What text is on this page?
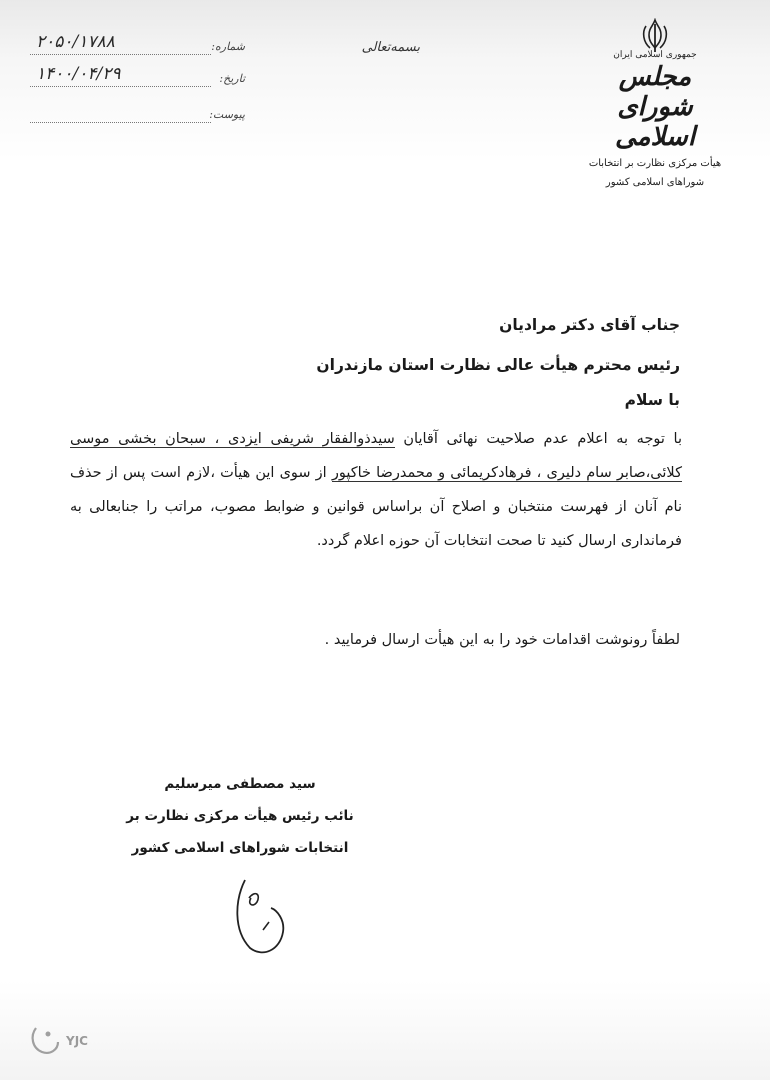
جمهوری اسلامی ایران
مجلس شورای اسلامی
هیأت مرکزی نظارت بر انتخابات
شوراهای اسلامی کشور
بسمه‌تعالی
شماره:
۲۰۵۰/۱۷۸۸
تاریخ:
۱۴۰۰/۰۴/۲۹
پیوست:
جناب آقای دکتر مرادیان
رئیس محترم هیأت عالی نظارت استان مازندران
با سلام
با توجه به اعلام عدم صلاحیت نهائی آقایان سیدذوالفقار شریفی ایزدی ، سبحان بخشی موسی کلائی،صابر سام دلیری ، فرهادکریمائی و محمدرضا خاکپور از سوی این هیأت ،لازم است پس از حذف نام آنان از فهرست منتخبان و اصلاح آن براساس قوانین و ضوابط مصوب، مراتب را جنابعالی به فرمانداری ارسال کنید تا صحت انتخابات آن حوزه اعلام گردد.
لطفاً رونوشت اقدامات خود را به این هیأت ارسال فرمایید .
سید مصطفی میرسلیم
نائب رئیس هیأت مرکزی نظارت بر
انتخابات شوراهای اسلامی کشور
YJC
